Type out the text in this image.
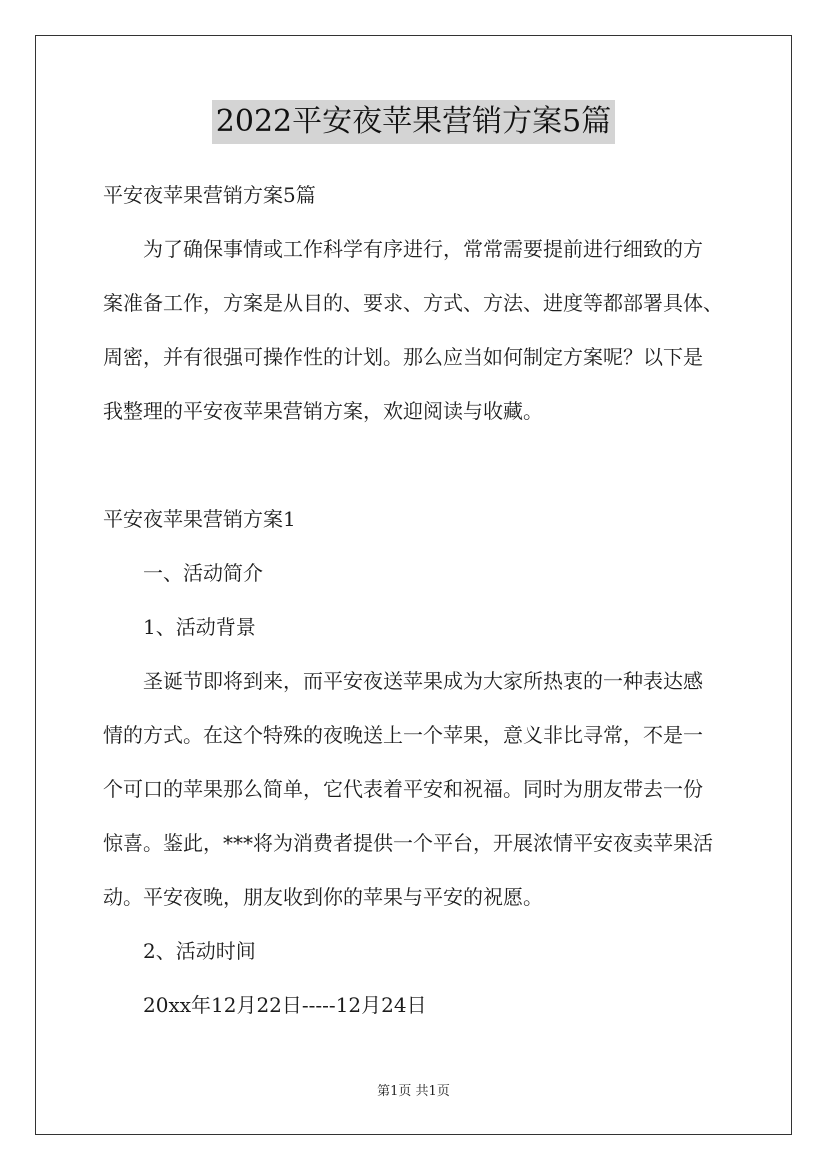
2022平安夜苹果营销方案5篇
平安夜苹果营销方案5篇
为了确保事情或工作科学有序进行，常常需要提前进行细致的方
案准备工作，方案是从目的、要求、方式、方法、进度等都部署具体、
周密，并有很强可操作性的计划。那么应当如何制定方案呢？以下是
我整理的平安夜苹果营销方案，欢迎阅读与收藏。
平安夜苹果营销方案1
一、活动简介
1、活动背景
圣诞节即将到来，而平安夜送苹果成为大家所热衷的一种表达感
情的方式。在这个特殊的夜晚送上一个苹果，意义非比寻常，不是一
个可口的苹果那么简单，它代表着平安和祝福。同时为朋友带去一份
惊喜。鉴此，***将为消费者提供一个平台，开展浓情平安夜卖苹果活
动。平安夜晚，朋友收到你的苹果与平安的祝愿。
2、活动时间
20xx年12月22日-----12月24日
第1页 共1页
